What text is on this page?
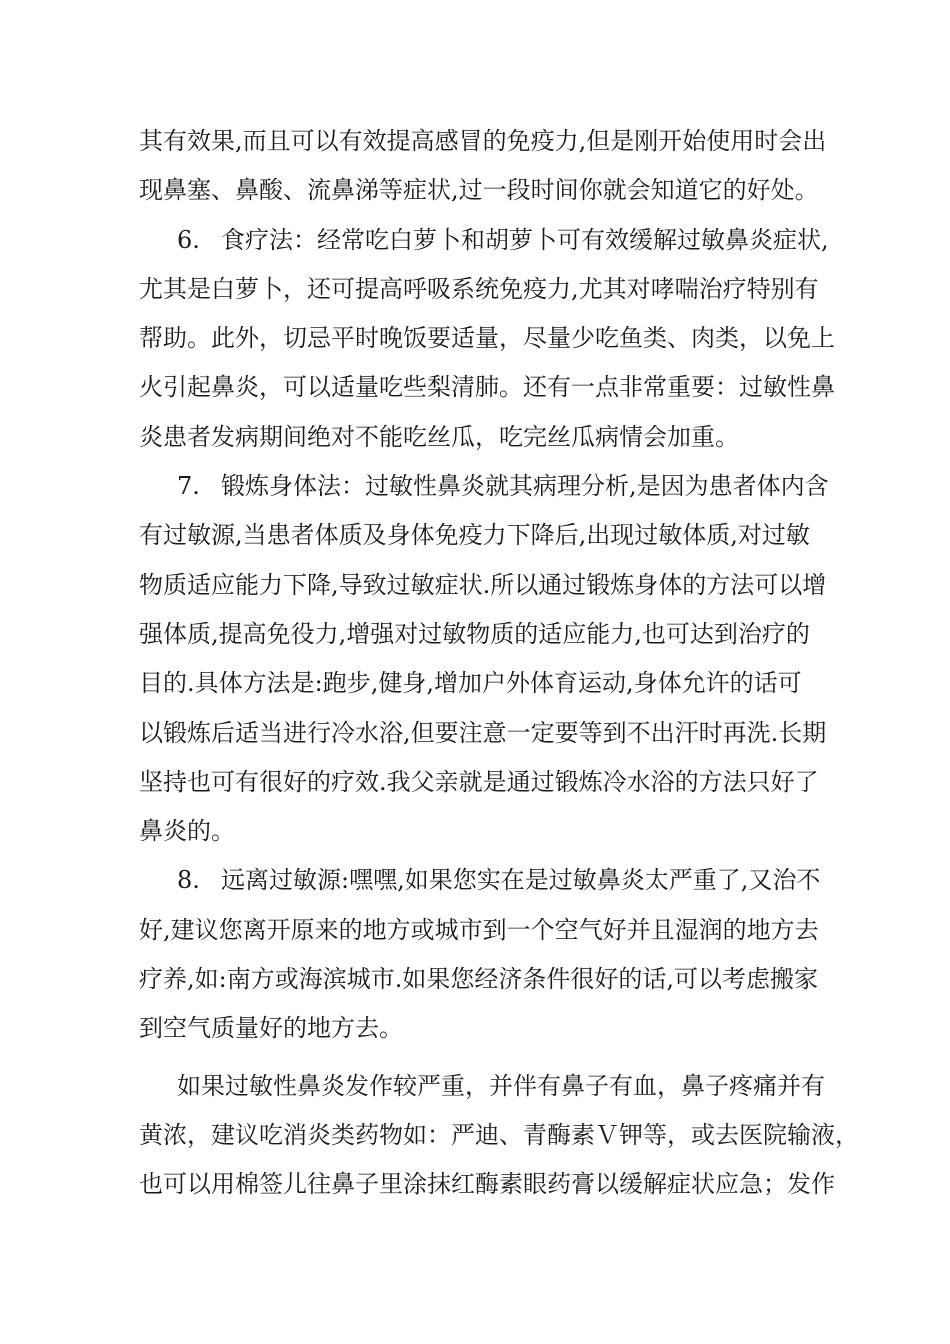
其有效果,而且可以有效提高感冒的免疫力,但是刚开始使用时会出
现鼻塞、鼻酸、流鼻涕等症状,过一段时间你就会知道它的好处。
6. 食疗法：经常吃白萝卜和胡萝卜可有效缓解过敏鼻炎症状,
尤其是白萝卜，还可提高呼吸系统免疫力,尤其对哮喘治疗特别有
帮助。此外，切忌平时晚饭要适量，尽量少吃鱼类、肉类，以免上
火引起鼻炎，可以适量吃些梨清肺。还有一点非常重要：过敏性鼻
炎患者发病期间绝对不能吃丝瓜，吃完丝瓜病情会加重。
7. 锻炼身体法：过敏性鼻炎就其病理分析,是因为患者体内含
有过敏源,当患者体质及身体免疫力下降后,出现过敏体质,对过敏
物质适应能力下降,导致过敏症状.所以通过锻炼身体的方法可以增
强体质,提高免役力,增强对过敏物质的适应能力,也可达到治疗的
目的.具体方法是:跑步,健身,增加户外体育运动,身体允许的话可
以锻炼后适当进行冷水浴,但要注意一定要等到不出汗时再洗.长期
坚持也可有很好的疗效.我父亲就是通过锻炼冷水浴的方法只好了
鼻炎的。
8. 远离过敏源:嘿嘿,如果您实在是过敏鼻炎太严重了,又治不
好,建议您离开原来的地方或城市到一个空气好并且湿润的地方去
疗养,如:南方或海滨城市.如果您经济条件很好的话,可以考虑搬家
到空气质量好的地方去。
如果过敏性鼻炎发作较严重，并伴有鼻子有血，鼻子疼痛并有
黄浓，建议吃消炎类药物如：严迪、青酶素Ｖ钾等，或去医院输液，
也可以用棉签儿往鼻子里涂抹红酶素眼药膏以缓解症状应急；发作
